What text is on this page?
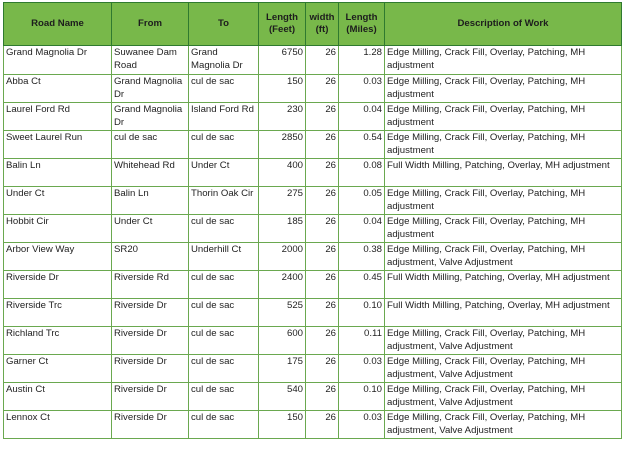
Road Name	From	To	Length (Feet)	width (ft)	Length (Miles)	Description of Work
Grand Magnolia Dr	Suwanee Dam Road	Grand Magnolia Dr	6750	26	1.28	Edge Milling, Crack Fill, Overlay, Patching, MH adjustment
Abba Ct	Grand Magnolia Dr	cul de sac	150	26	0.03	Edge Milling, Crack Fill, Overlay, Patching, MH adjustment
Laurel Ford Rd	Grand Magnolia Dr	Island Ford Rd	230	26	0.04	Edge Milling, Crack Fill, Overlay, Patching, MH adjustment
Sweet Laurel Run	cul de sac	cul de sac	2850	26	0.54	Edge Milling, Crack Fill, Overlay, Patching, MH adjustment
Balin Ln	Whitehead Rd	Under Ct	400	26	0.08	Full Width Milling, Patching, Overlay, MH adjustment
Under Ct	Balin Ln	Thorin Oak Cir	275	26	0.05	Edge Milling, Crack Fill, Overlay, Patching, MH adjustment
Hobbit Cir	Under Ct	cul de sac	185	26	0.04	Edge Milling, Crack Fill, Overlay, Patching, MH adjustment
Arbor View Way	SR20	Underhill Ct	2000	26	0.38	Edge Milling, Crack Fill, Overlay, Patching, MH adjustment, Valve Adjustment
Riverside Dr	Riverside Rd	cul de sac	2400	26	0.45	Full Width Milling, Patching, Overlay, MH adjustment
Riverside Trc	Riverside Dr	cul de sac	525	26	0.10	Full Width Milling, Patching, Overlay, MH adjustment
Richland Trc	Riverside Dr	cul de sac	600	26	0.11	Edge Milling, Crack Fill, Overlay, Patching, MH adjustment, Valve Adjustment
Garner Ct	Riverside Dr	cul de sac	175	26	0.03	Edge Milling, Crack Fill, Overlay, Patching, MH adjustment, Valve Adjustment
Austin Ct	Riverside Dr	cul de sac	540	26	0.10	Edge Milling, Crack Fill, Overlay, Patching, MH adjustment, Valve Adjustment
Lennox Ct	Riverside Dr	cul de sac	150	26	0.03	Edge Milling, Crack Fill, Overlay, Patching, MH adjustment, Valve Adjustment
